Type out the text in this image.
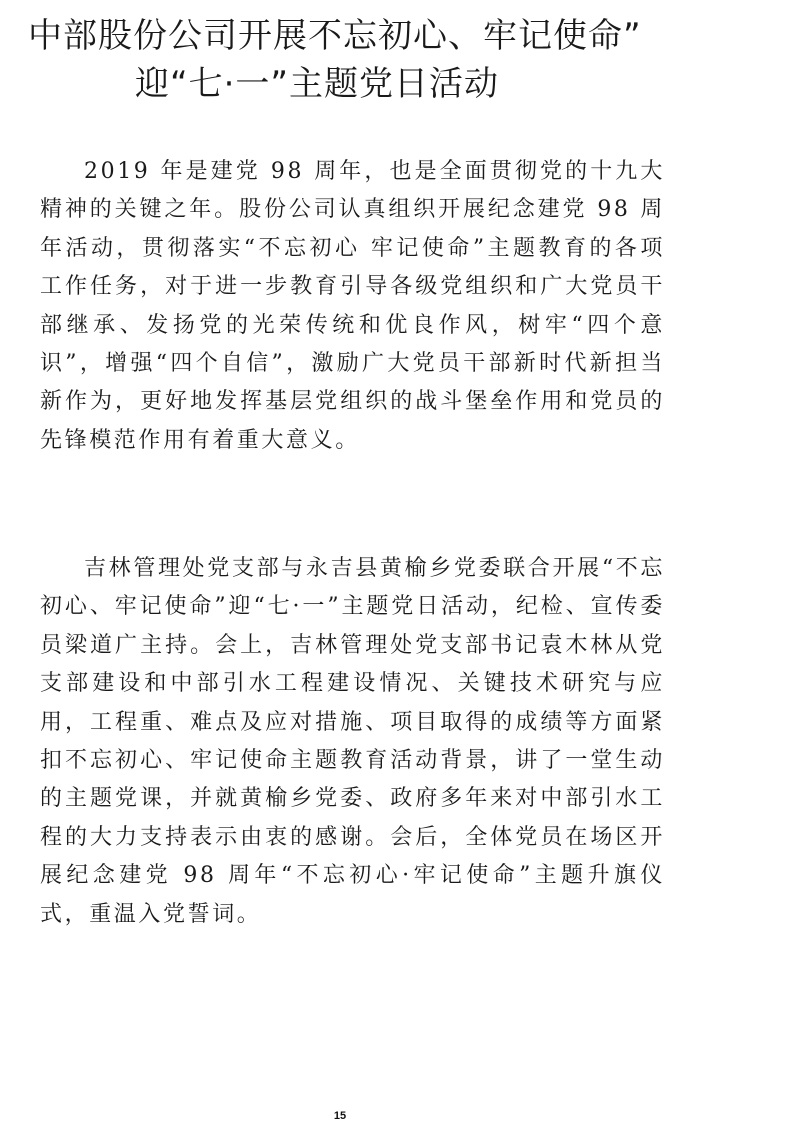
中部股份公司开展不忘初心、牢记使命”
迎“七·一”主题党日活动

2019 年是建党 98 周年，也是全面贯彻党的十九大精神的关键之年。股份公司认真组织开展纪念建党 98 周年活动，贯彻落实“不忘初心 牢记使命”主题教育的各项工作任务，对于进一步教育引导各级党组织和广大党员干部继承、发扬党的光荣传统和优良作风，树牢“四个意识”，增强“四个自信”，激励广大党员干部新时代新担当新作为，更好地发挥基层党组织的战斗堡垒作用和党员的先锋模范作用有着重大意义。

吉林管理处党支部与永吉县黄榆乡党委联合开展“不忘初心、牢记使命”迎“七·一”主题党日活动，纪检、宣传委员梁道广主持。会上，吉林管理处党支部书记袁木林从党支部建设和中部引水工程建设情况、关键技术研究与应用，工程重、难点及应对措施、项目取得的成绩等方面紧扣不忘初心、牢记使命主题教育活动背景，讲了一堂生动的主题党课，并就黄榆乡党委、政府多年来对中部引水工程的大力支持表示由衷的感谢。会后，全体党员在场区开展纪念建党 98 周年“不忘初心·牢记使命”主题升旗仪式，重温入党誓词。

15
